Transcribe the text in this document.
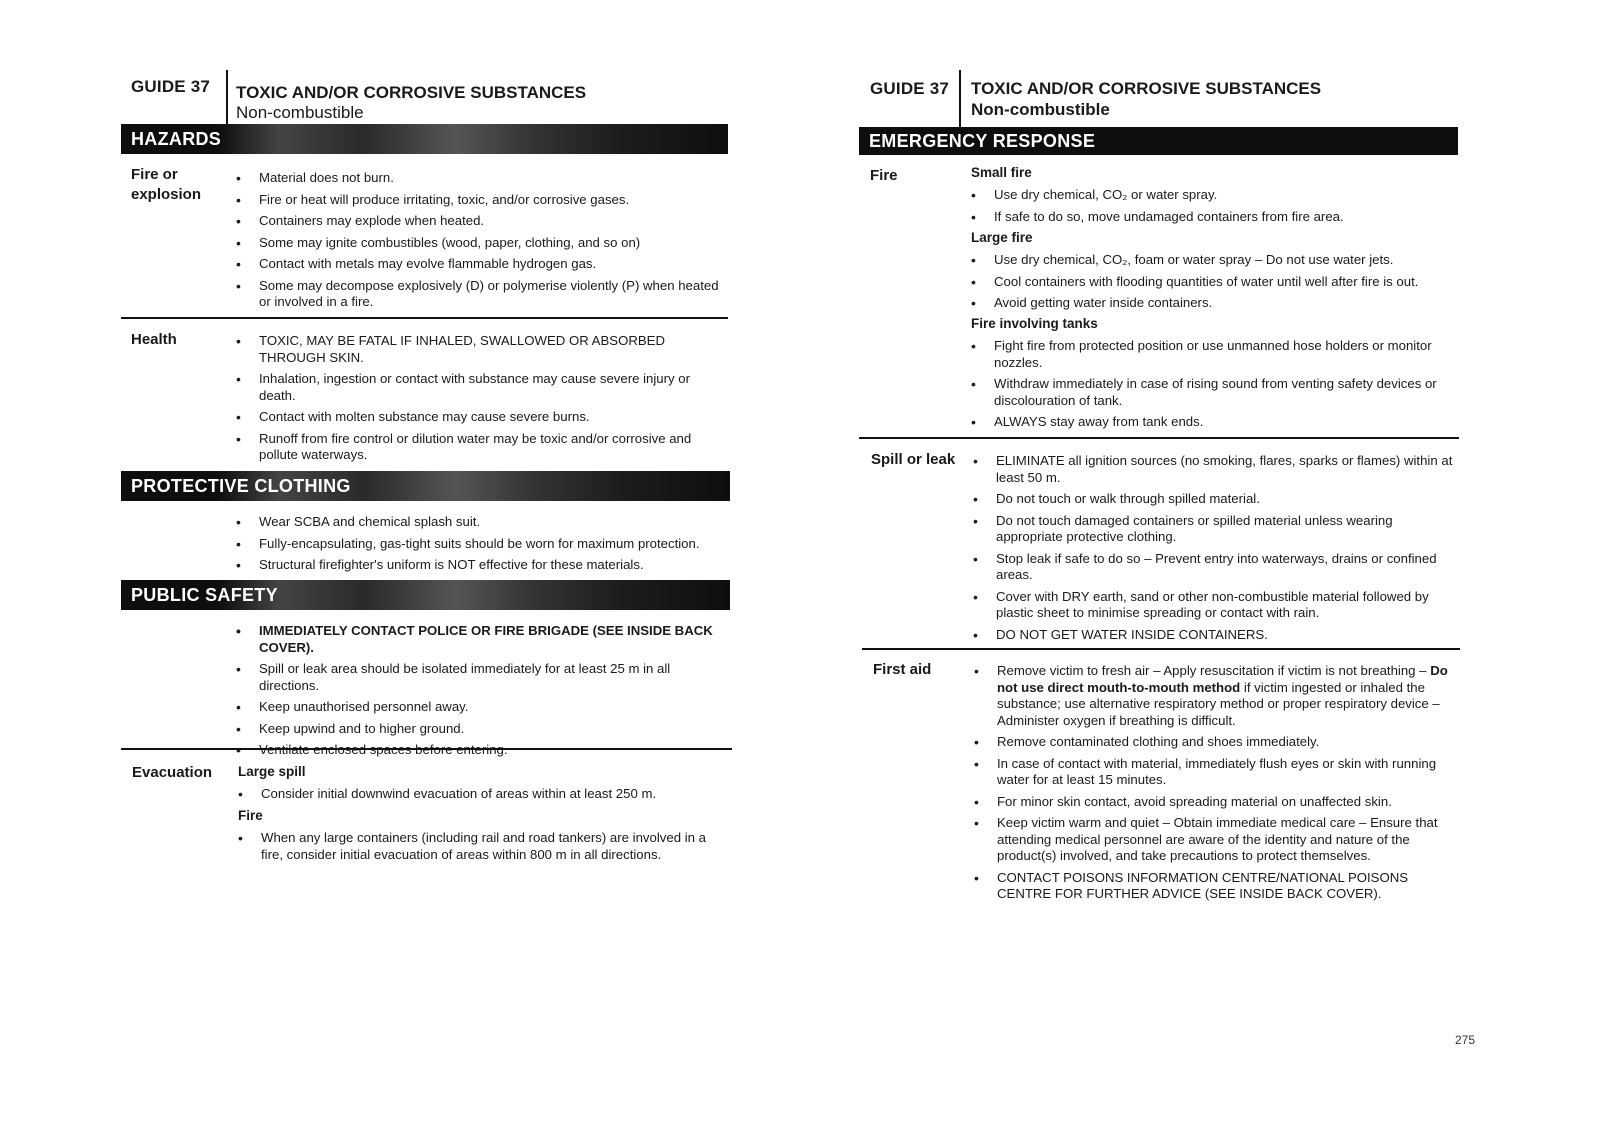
GUIDE 37 TOXIC AND/OR CORROSIVE SUBSTANCES
Non-combustible
HAZARDS
Fire or
explosion
• Material does not burn.
• Fire or heat will produce irritating, toxic, and/or corrosive gases.
• Containers may explode when heated.
• Some may ignite combustibles (wood, paper, clothing, and so on)
• Contact with metals may evolve flammable hydrogen gas.
• Some may decompose explosively (D) or polymerise violently (P) when heated or involved in a fire.
Health	• TOXIC, MAY BE FATAL IF INHALED, SWALLOWED OR ABSORBED THROUGH SKIN.
• Inhalation, ingestion or contact with substance may cause severe injury or death.
• Contact with molten substance may cause severe burns.
• Runoff from fire control or dilution water may be toxic and/or corrosive and pollute waterways.
PROTECTIVE CLOTHING
• Wear SCBA and chemical splash suit.
• Fully-encapsulating, gas-tight suits should be worn for maximum protection.
• Structural firefighter's uniform is NOT effective for these materials.
PUBLIC SAFETY
• IMMEDIATELY CONTACT POLICE OR FIRE BRIGADE (SEE INSIDE BACK COVER).
• Spill or leak area should be isolated immediately for at least 25 m in all directions.
• Keep unauthorised personnel away.
• Keep upwind and to higher ground.
•
Evacuation Large spill
• Consider initial downwind evacuation of areas within at least 250 m.
Fire
• When any large containers (including rail and road tankers) are involved in a fire, consider initial evacuation of areas within 800 m in all directions.
GUIDE 37 TOXIC AND/OR CORROSIVE SUBSTANCES
Non-combustible
EMERGENCY RESPONSE
Fire	Small fire
• Use dry chemical, CO₂ or water spray.
• If safe to do so, move undamaged containers from fire area.
Large fire
• Use dry chemical, CO₂, foam or water spray – Do not use water jets.
• Cool containers with flooding quantities of water until well after fire is out.
• Avoid getting water inside containers.
Fire involving tanks
• Fight fire from protected position or use unmanned hose holders or monitor nozzles.
• Withdraw immediately in case of rising sound from venting safety devices or discolouration of tank.
• ALWAYS stay away from tank ends.
Spill or leak	• ELIMINATE all ignition sources (no smoking, flares, sparks or flames) within at least 50 m.
• Do not touch or walk through spilled material.
• Do not touch damaged containers or spilled material unless wearing appropriate protective clothing.
• Stop leak if safe to do so – Prevent entry into waterways, drains or confined areas.
• Cover with DRY earth, sand or other non-combustible material followed by plastic sheet to minimise spreading or contact with rain.
• DO NOT GET WATER INSIDE CONTAINERS.
First aid	• Remove victim to fresh air – Apply resuscitation if victim is not breathing – Do not use direct mouth-to-mouth method if victim ingested or inhaled the substance; use alternative respiratory method or proper respiratory device – Administer oxygen if breathing is difficult.
• Remove contaminated clothing and shoes immediately.
• In case of contact with material, immediately flush eyes or skin with running water for at least 15 minutes.
• For minor skin contact, avoid spreading material on unaffected skin.
• Keep victim warm and quiet – Obtain immediate medical care – Ensure that attending medical personnel are aware of the identity and nature of the product(s) involved, and take precautions to protect themselves.
• CONTACT POISONS INFORMATION CENTRE/NATIONAL POISONS CENTRE FOR FURTHER ADVICE (SEE INSIDE BACK COVER).
275
